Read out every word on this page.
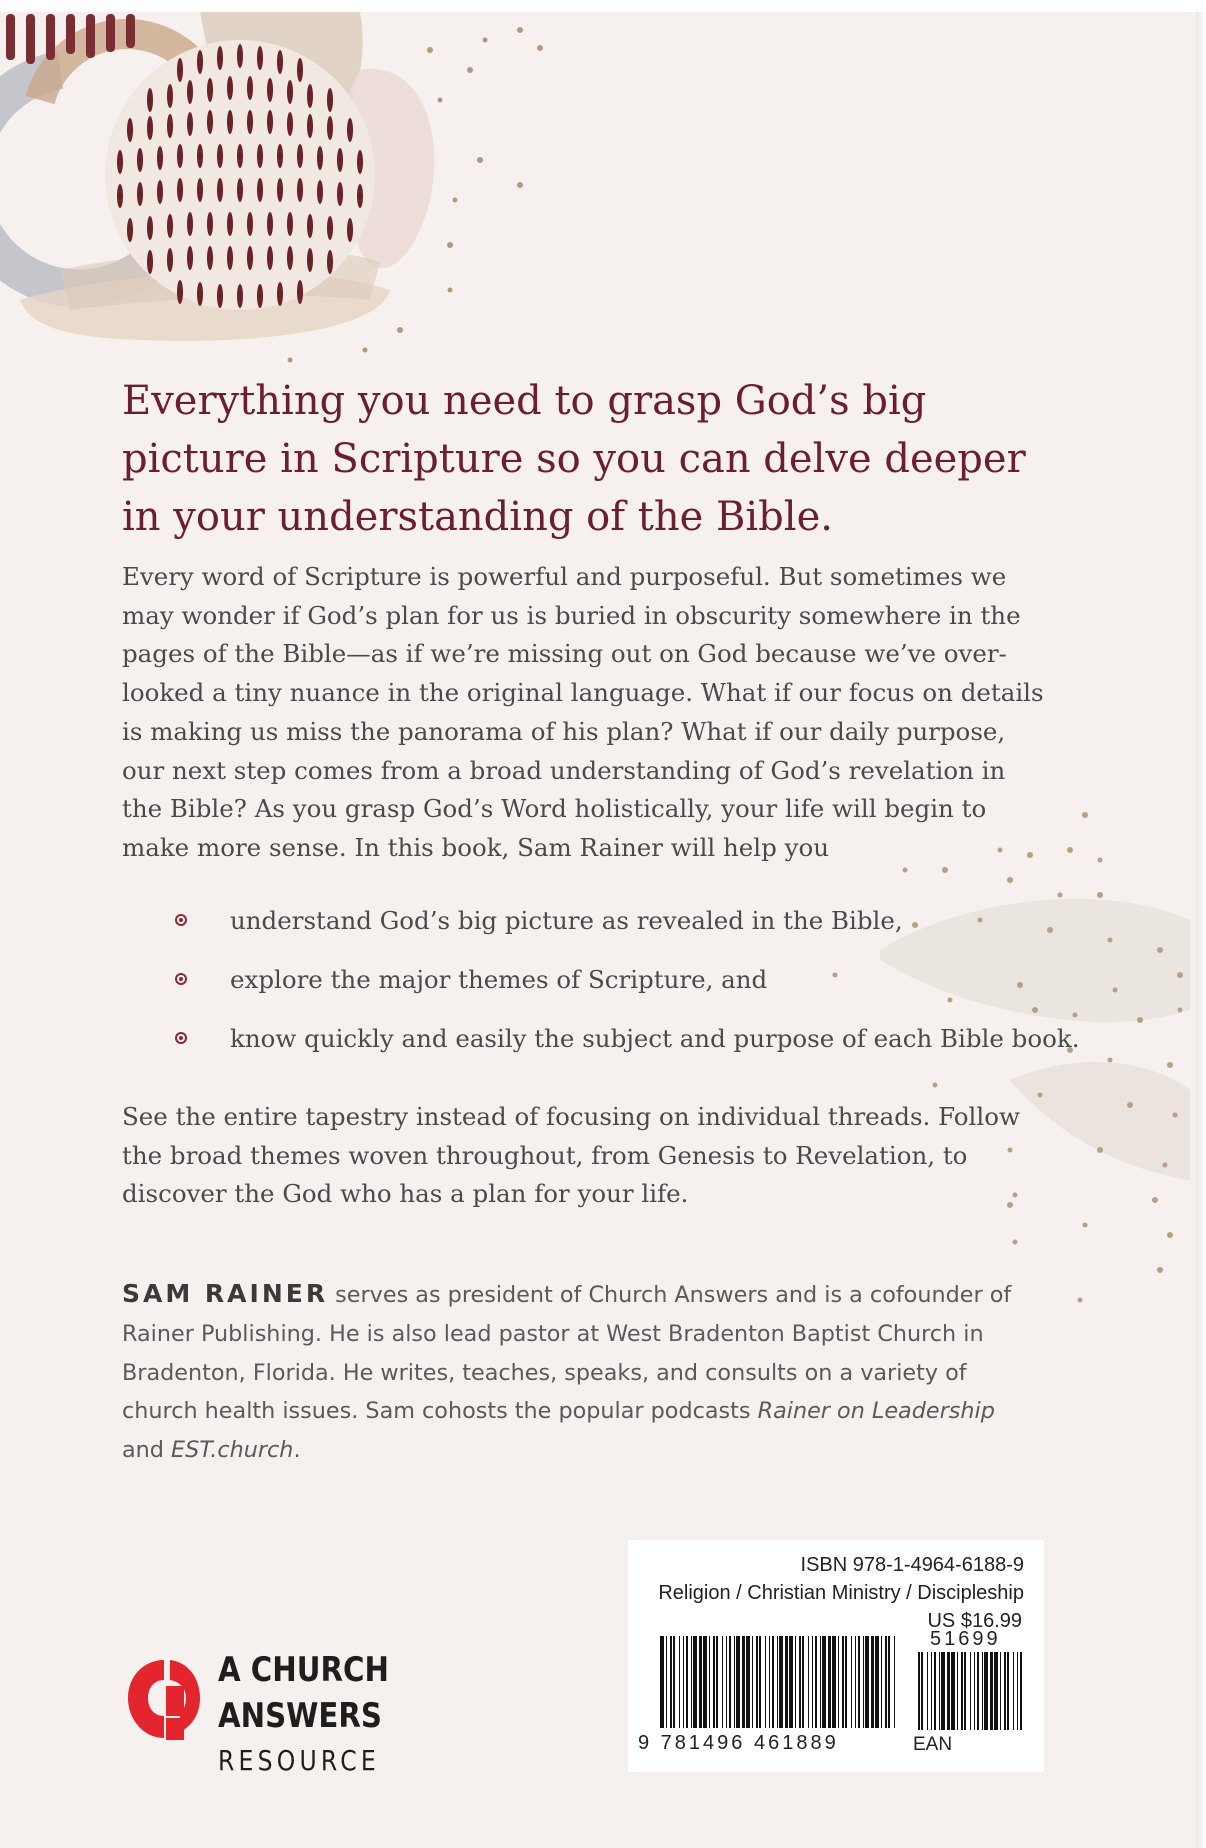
Everything you need to grasp God’s big picture in Scripture so you can delve deeper in your understanding of the Bible.

Every word of Scripture is powerful and purposeful. But sometimes we may wonder if God’s plan for us is buried in obscurity somewhere in the pages of the Bible—as if we’re missing out on God because we’ve over-looked a tiny nuance in the original language. What if our focus on details is making us miss the panorama of his plan? What if our daily purpose, our next step comes from a broad understanding of God’s revelation in the Bible? As you grasp God’s Word holistically, your life will begin to make more sense. In this book, Sam Rainer will help you

understand God’s big picture as revealed in the Bible,
explore the major themes of Scripture, and
know quickly and easily the subject and purpose of each Bible book.

See the entire tapestry instead of focusing on individual threads. Follow the broad themes woven throughout, from Genesis to Revelation, to discover the God who has a plan for your life.

SAM RAINER serves as president of Church Answers and is a cofounder of Rainer Publishing. He is also lead pastor at West Bradenton Baptist Church in Bradenton, Florida. He writes, teaches, speaks, and consults on a variety of church health issues. Sam cohosts the popular podcasts Rainer on Leadership and EST.church.

A CHURCH
ANSWERS
RESOURCE
ISBN 978-1-4964-6188-9
Religion / Christian Ministry / Discipleship
US $16.99
51699
9 781496 461889	EAN
